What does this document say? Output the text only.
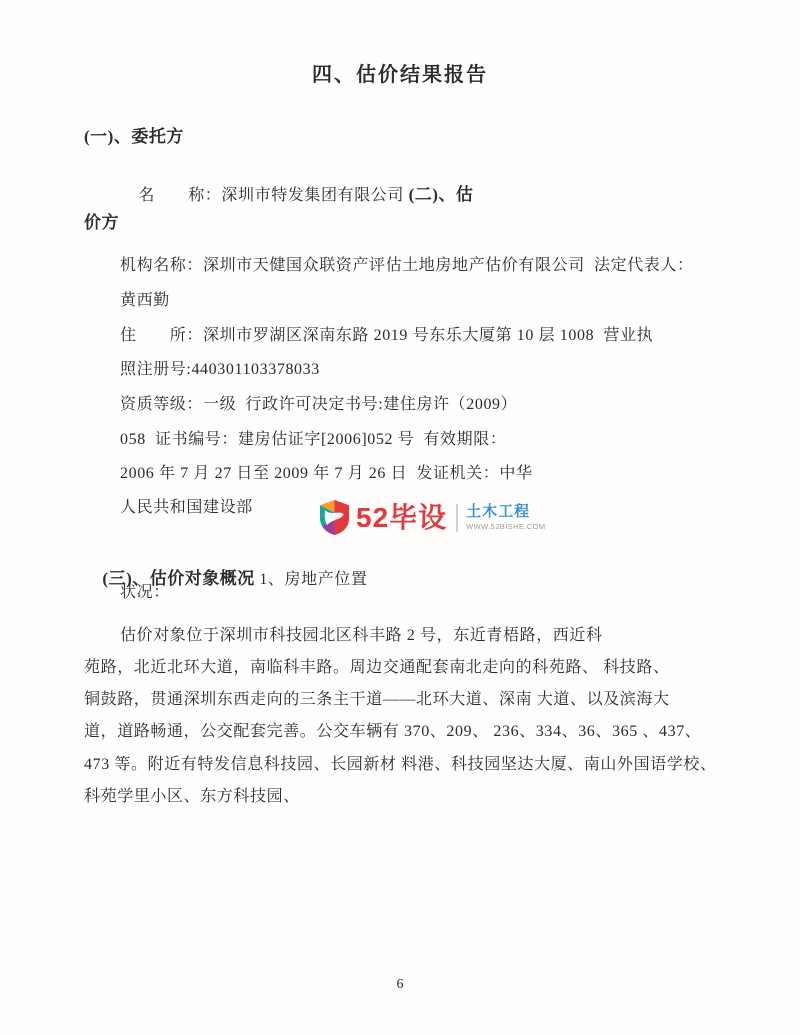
四、估价结果报告
(一)、委托方

名　　称：深圳市特发集团有限公司 (二)、估

价方
机构名称：深圳市天健国众联资产评估土地房地产估价有限公司  法定代表人：
黄西勤
住　　所：深圳市罗湖区深南东路 2019 号东乐大厦第 10 层 1008  营业执
照注册号:440301103378033
资质等级：一级  行政许可决定书号:建住房许（2009）
058  证书编号：建房估证字[2006]052 号  有效期限：
2006 年 7 月 27 日至 2009 年 7 月 26 日  发证机关：中华
人民共和国建设部	52毕设 土木工程
WWW.52BISHE.COM

(三)、估价对象概况 1、房地产位置

状况：
估价对象位于深圳市科技园北区科丰路 2 号，东近青梧路，西近科
苑路，北近北环大道，南临科丰路。周边交通配套南北走向的科苑路、 科技路、
铜鼓路，贯通深圳东西走向的三条主干道——北环大道、深南 大道、以及滨海大
道，道路畅通，公交配套完善。公交车辆有 370、209、 236、334、36、365 、437、
473 等。附近有特发信息科技园、长园新材 料港、科技园坚达大厦、南山外国语学校、
科苑学里小区、东方科技园、
6
